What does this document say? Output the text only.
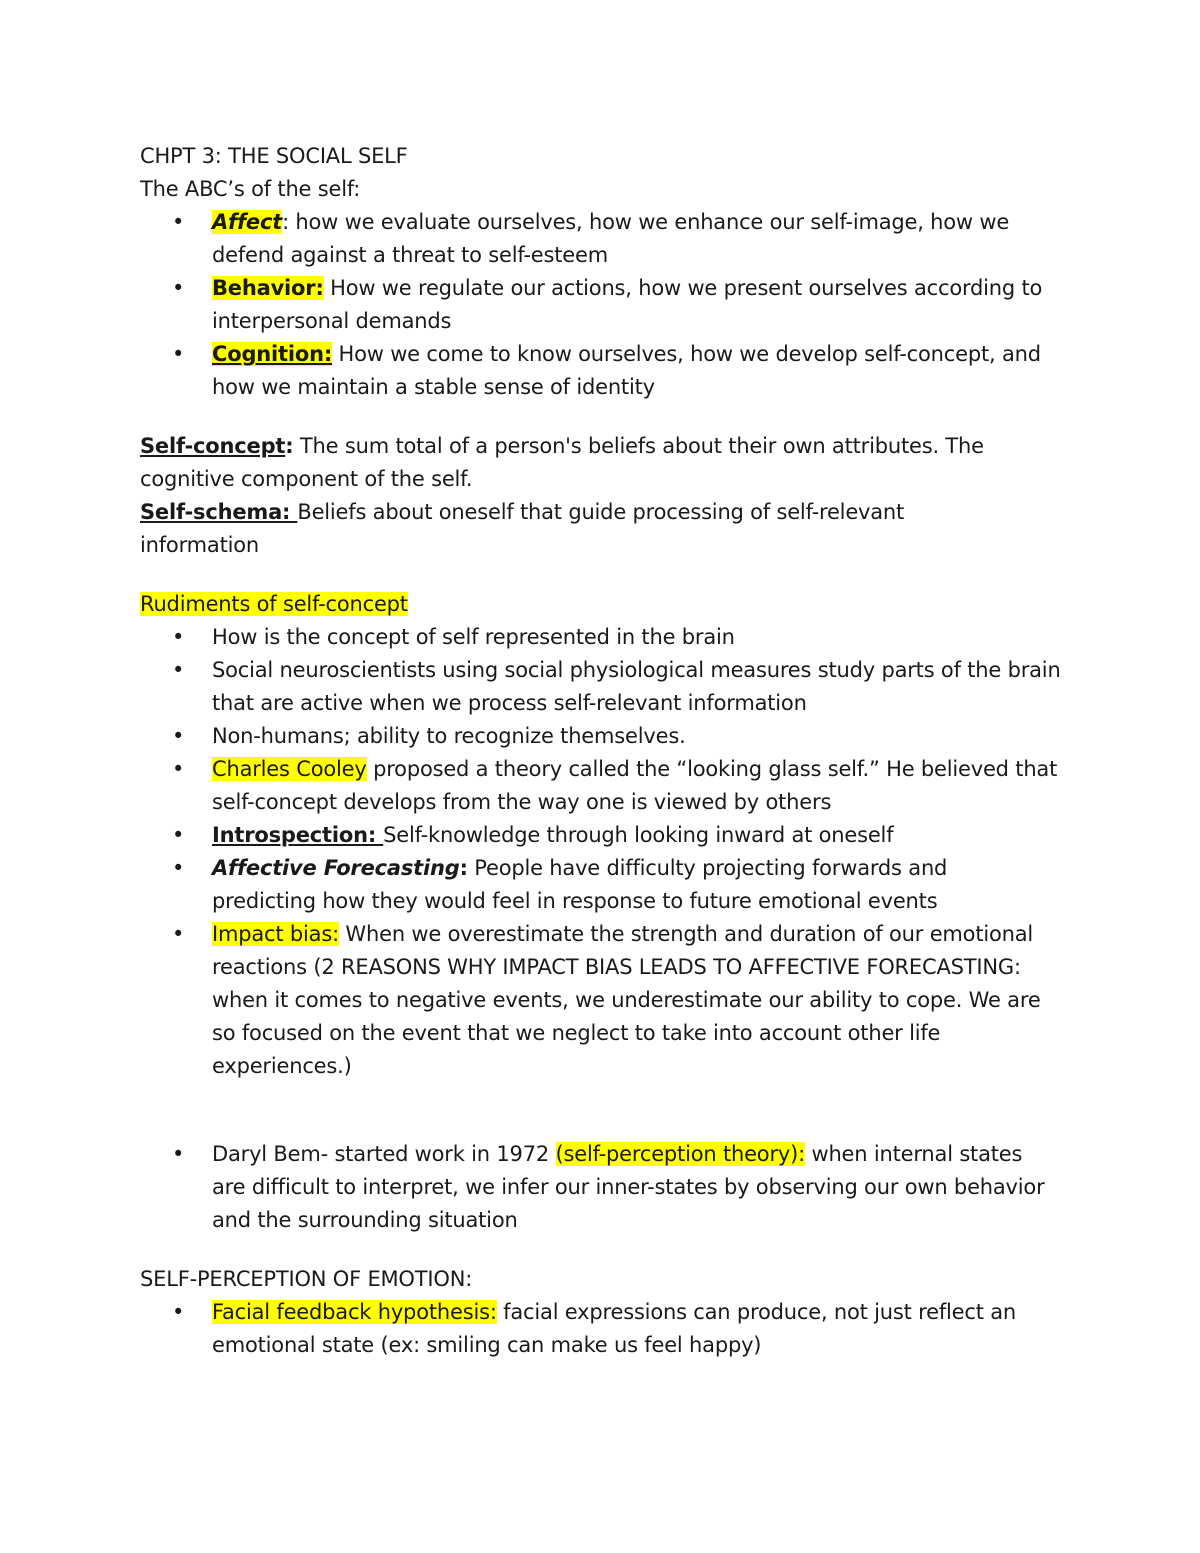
CHPT 3: THE SOCIAL SELF
The ABC’s of the self:
• Affect: how we evaluate ourselves, how we enhance our self-image, how we defend against a threat to self-esteem
• Behavior: How we regulate our actions, how we present ourselves according to interpersonal demands
• Cognition: How we come to know ourselves, how we develop self-concept, and how we maintain a stable sense of identity
Self-concept: The sum total of a person's beliefs about their own attributes. The cognitive component of the self.
Self-schema: Beliefs about oneself that guide processing of self-relevant information
Rudiments of self-concept
• How is the concept of self represented in the brain
• Social neuroscientists using social physiological measures study parts of the brain that are active when we process self-relevant information
• Non-humans; ability to recognize themselves.
• Charles Cooley proposed a theory called the “looking glass self.” He believed that self-concept develops from the way one is viewed by others
• Introspection: Self-knowledge through looking inward at oneself
• Affective Forecasting: People have difficulty projecting forwards and predicting how they would feel in response to future emotional events
• Impact bias: When we overestimate the strength and duration of our emotional reactions (2 REASONS WHY IMPACT BIAS LEADS TO AFFECTIVE FORECASTING: when it comes to negative events, we underestimate our ability to cope. We are so focused on the event that we neglect to take into account other life experiences.)
• Daryl Bem- started work in 1972 (self-perception theory): when internal states are difficult to interpret, we infer our inner-states by observing our own behavior and the surrounding situation
SELF-PERCEPTION OF EMOTION:
• Facial feedback hypothesis: facial expressions can produce, not just reflect an emotional state (ex: smiling can make us feel happy)
